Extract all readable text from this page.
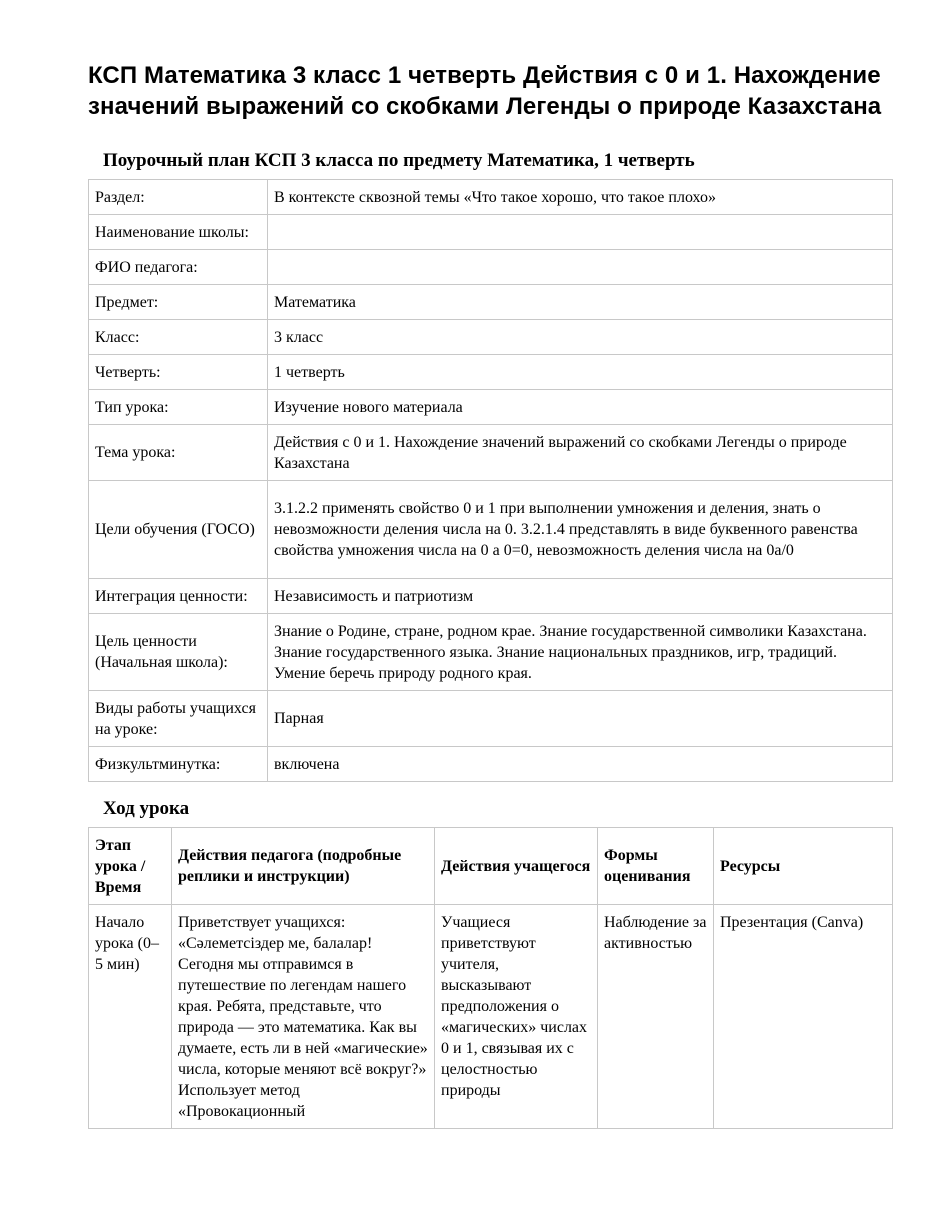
КСП Математика 3 класс 1 четверть Действия с 0 и 1. Нахождение значений выражений со скобками Легенды о природе Казахстана
Поурочный план КСП 3 класса по предмету Математика, 1 четверть
Раздел:	В контексте сквозной темы «Что такое хорошо, что такое плохо»
Наименование школы:	
ФИО педагога:	
Предмет:	Математика
Класс:	3 класс
Четверть:	1 четверть
Тип урока:	Изучение нового материала
Тема урока:	Действия с 0 и 1. Нахождение значений выражений со скобками Легенды о природе Казахстана
Цели обучения (ГОСО)	3.1.2.2 применять свойство 0 и 1 при выполнении умножения и деления, знать о невозможности деления числа на 0. 3.2.1.4 представлять в виде буквенного равенства свойства умножения числа на 0 а 0=0, невозможность деления числа на 0а/0
Интеграция ценности:	Независимость и патриотизм
Цель ценности (Начальная школа):	Знание о Родине, стране, родном крае. Знание государственной символики Казахстана. Знание государственного языка. Знание национальных праздников, игр, традиций. Умение беречь природу родного края.
Виды работы учащихся на уроке:	Парная
Физкультминутка:	включена
Ход урока
Этап урока / Время	Действия педагога (подробные реплики и инструкции)	Действия учащегося	Формы оценивания	Ресурсы
Начало урока (0–5 мин)	Приветствует учащихся: «Сәлеметсіздер ме, балалар! Сегодня мы отправимся в путешествие по легендам нашего края. Ребята, представьте, что природа — это математика. Как вы думаете, есть ли в ней «магические» числа, которые меняют всё вокруг?» Использует метод «Провокационный	Учащиеся приветствуют учителя, высказывают предположения о «магических» числах 0 и 1, связывая их с целостностью природы	Наблюдение за активностью	Презентация (Canva)
